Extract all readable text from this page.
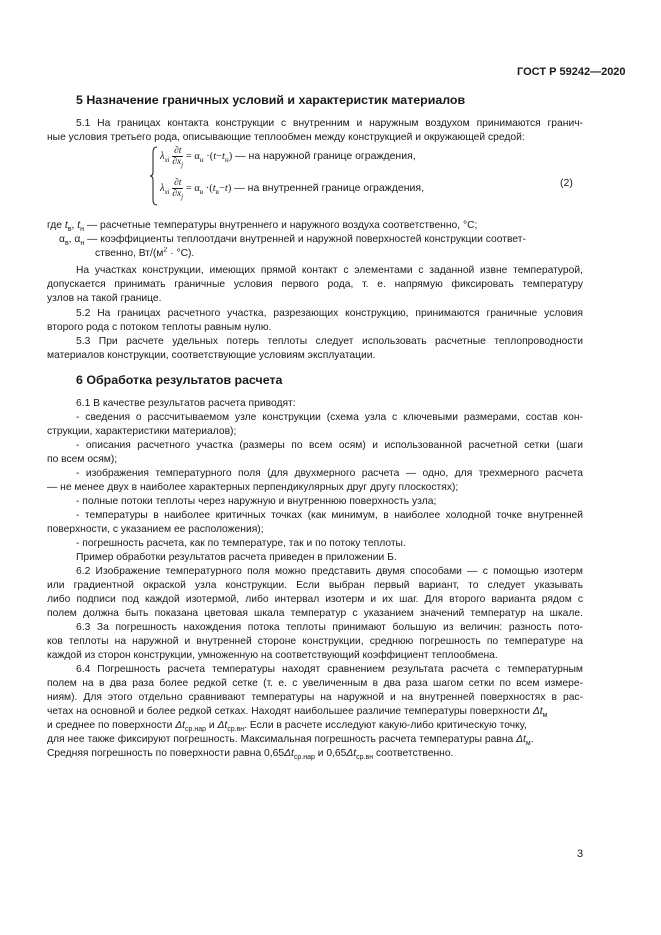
ГОСТ Р 59242—2020
5 Назначение граничных условий и характеристик материалов
5.1 На границах контакта конструкции с внутренним и наружным воздухом принимаются гранич-
ные условия третьего рода, описывающие теплообмен между конструкцией и окружающей средой:
$\lambda_{xi} \frac{\partial t}{\partial x_j} = \alpha_н \cdot(t-t_н)$ — на наружной границе ограждения,
$\lambda_{xi} \frac{\partial t}{\partial x_j} = \alpha_в \cdot(t_в-t)$ — на внутренней границе ограждения,	(2)
где $t_в$, $t_н$ — расчетные температуры внутреннего и наружного воздуха соответственно, °С;
$\alpha_в$, $\alpha_н$ — коэффициенты теплоотдачи внутренней и наружной поверхностей конструкции соответ-
ственно, $Вт/(м^2 \cdot ^\circ С)$.
На участках конструкции, имеющих прямой контакт с элементами с заданной извне температурой,
допускается принимать граничные условия первого рода, т. е. напрямую фиксировать температуру
узлов на такой границе.
5.2 На границах расчетного участка, разрезающих конструкцию, принимаются граничные условия
второго рода с потоком теплоты равным нулю.
5.3 При расчете удельных потерь теплоты следует использовать расчетные теплопроводности
материалов конструкции, соответствующие условиям эксплуатации.
6 Обработка результатов расчета
6.1 В качестве результатов расчета приводят:
- сведения о рассчитываемом узле конструкции (схема узла с ключевыми размерами, состав кон-
струкции, характеристики материалов);
- описания расчетного участка (размеры по всем осям) и использованной расчетной сетки (шаги
по всем осям);
- изображения температурного поля (для двухмерного расчета — одно, для трехмерного расчета
— не менее двух в наиболее характерных перпендикулярных друг другу плоскостях);
- полные потоки теплоты через наружную и внутреннюю поверхность узла;
- температуры в наиболее критичных точках (как минимум, в наиболее холодной точке внутренней
поверхности, с указанием ее расположения);
- погрешность расчета, как по температуре, так и по потоку теплоты.
Пример обработки результатов расчета приведен в приложении Б.
6.2 Изображение температурного поля можно представить двумя способами — с помощью изотерм
или градиентной окраской узла конструкции. Если выбран первый вариант, то следует указывать
либо подписи под каждой изотермой, либо интервал изотерм и их шаг. Для второго варианта рядом с
полем должна быть показана цветовая шкала температур с указанием значений температур на шкале.
6.3 За погрешность нахождения потока теплоты принимают большую из величин: разность пото-
ков теплоты на наружной и внутренней стороне конструкции, среднюю погрешность по температуре на
каждой из сторон конструкции, умноженную на соответствующий коэффициент теплообмена.
6.4 Погрешность расчета температуры находят сравнением результата расчета с температурным
полем на в два раза более редкой сетке (т. е. с увеличенным в два раза шагом сетки по всем измере-
ниям). Для этого отдельно сравнивают температуры на наружной и на внутренней поверхностях в рас-
четах на основной и более редкой сетках. Находят наибольшее различие температуры поверхности $\Delta t_м$
и среднее по поверхности $\Delta t_{ср.нар}$ и $\Delta t_{ср.вн}$. Если в расчете исследуют какую-либо критическую точку,
для нее также фиксируют погрешность. Максимальная погрешность расчета температуры равна $\Delta t_м$.
Средняя погрешность по поверхности равна $0,65\Delta t_{ср.нар}$ и $0,65\Delta t_{ср.вн}$ соответственно.
3
